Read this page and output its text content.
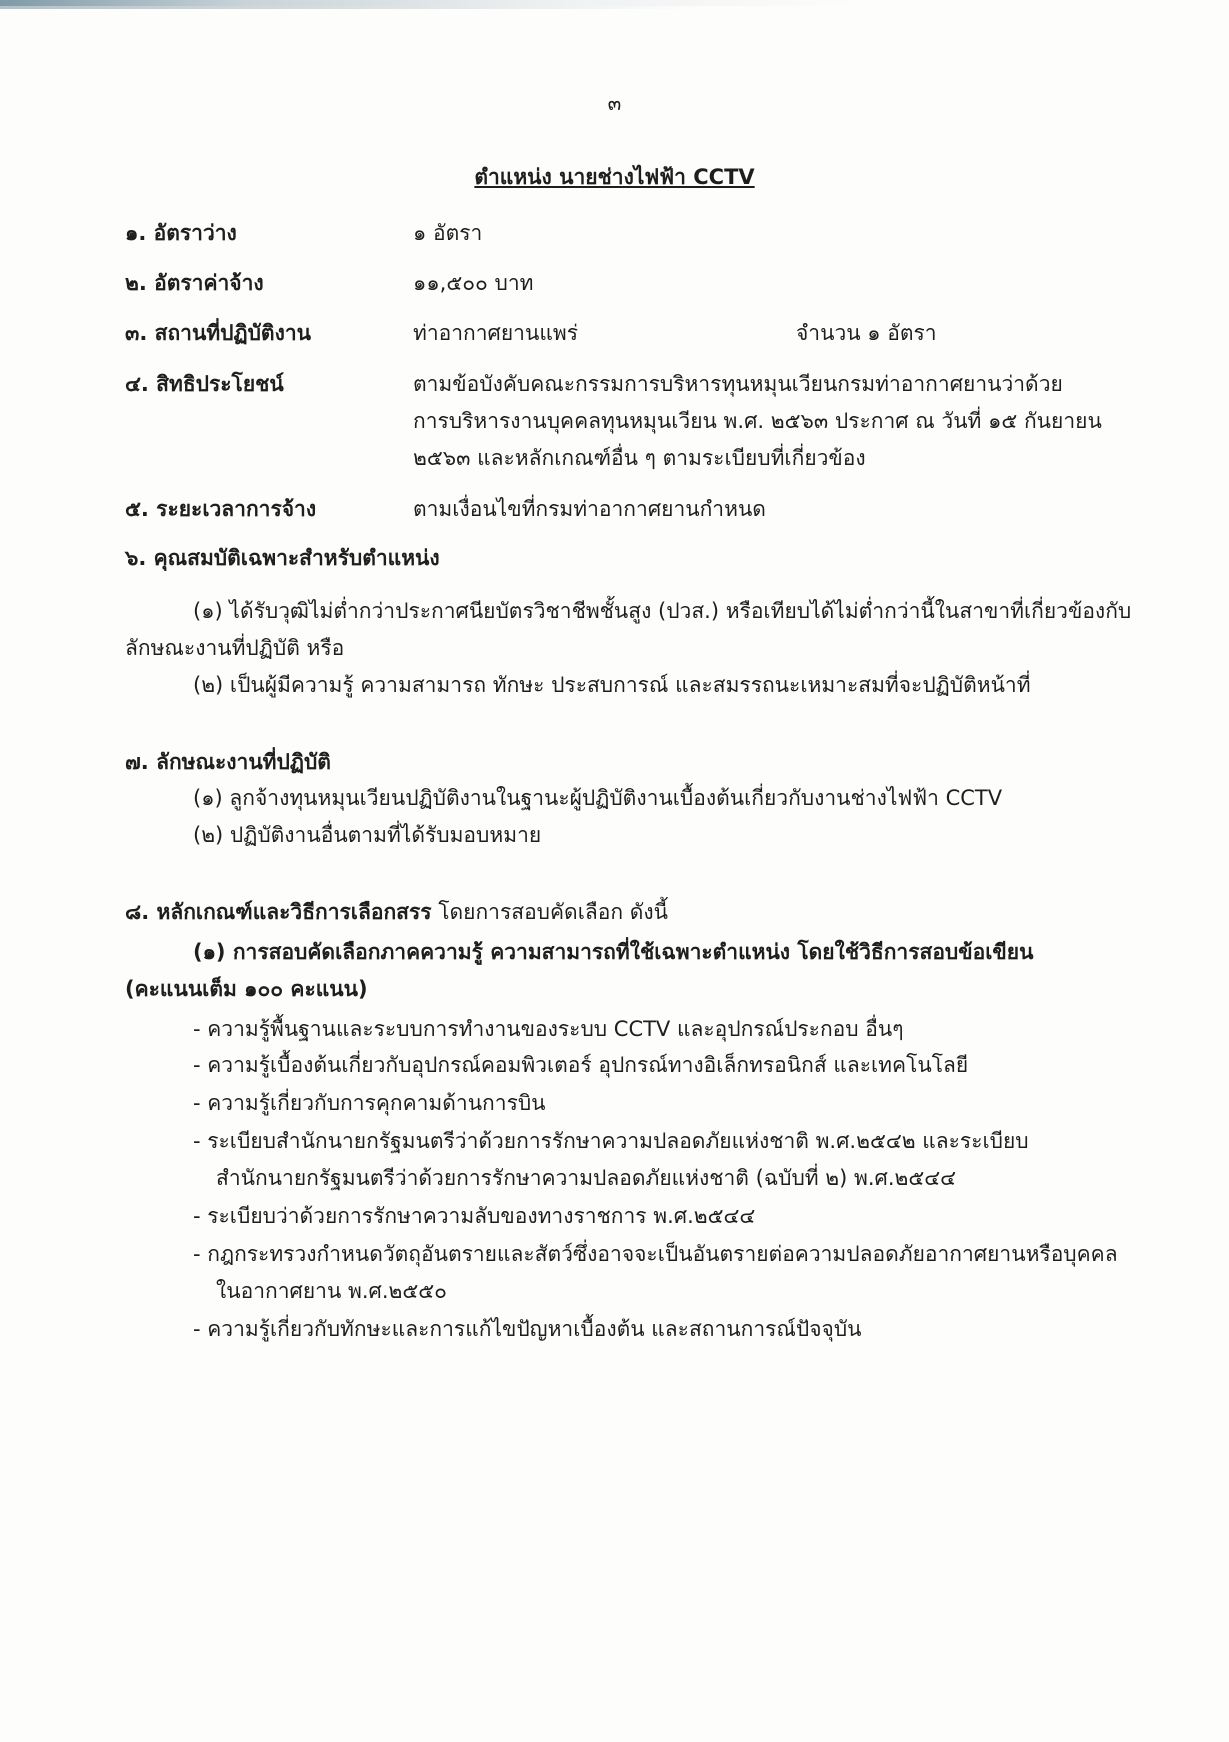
๓
ตำแหน่ง นายช่างไฟฟ้า CCTV
๑. อัตราว่าง	๑ อัตรา
๒. อัตราค่าจ้าง	๑๑,๕๐๐ บาท
๓. สถานที่ปฏิบัติงาน	ท่าอากาศยานแพร่	จำนวน ๑ อัตรา
๔. สิทธิประโยชน์	ตามข้อบังคับคณะกรรมการบริหารทุนหมุนเวียนกรมท่าอากาศยานว่าด้วย
การบริหารงานบุคคลทุนหมุนเวียน พ.ศ. ๒๕๖๓ ประกาศ ณ วันที่ ๑๕ กันยายน
๒๕๖๓ และหลักเกณฑ์อื่น ๆ ตามระเบียบที่เกี่ยวข้อง
๕. ระยะเวลาการจ้าง	ตามเงื่อนไขที่กรมท่าอากาศยานกำหนด
๖. คุณสมบัติเฉพาะสำหรับตำแหน่ง
(๑) ได้รับวุฒิไม่ต่ำกว่าประกาศนียบัตรวิชาชีพชั้นสูง (ปวส.) หรือเทียบได้ไม่ต่ำกว่านี้ในสาขาที่เกี่ยวข้องกับ
ลักษณะงานที่ปฏิบัติ หรือ
(๒) เป็นผู้มีความรู้ ความสามารถ ทักษะ ประสบการณ์ และสมรรถนะเหมาะสมที่จะปฏิบัติหน้าที่
๗. ลักษณะงานที่ปฏิบัติ
(๑) ลูกจ้างทุนหมุนเวียนปฏิบัติงานในฐานะผู้ปฏิบัติงานเบื้องต้นเกี่ยวกับงานช่างไฟฟ้า CCTV
(๒) ปฏิบัติงานอื่นตามที่ได้รับมอบหมาย
๘. หลักเกณฑ์และวิธีการเลือกสรร โดยการสอบคัดเลือก ดังนี้
(๑) การสอบคัดเลือกภาคความรู้ ความสามารถที่ใช้เฉพาะตำแหน่ง โดยใช้วิธีการสอบข้อเขียน
(คะแนนเต็ม ๑๐๐ คะแนน)
- ความรู้พื้นฐานและระบบการทำงานของระบบ CCTV และอุปกรณ์ประกอบ อื่นๆ
- ความรู้เบื้องต้นเกี่ยวกับอุปกรณ์คอมพิวเตอร์ อุปกรณ์ทางอิเล็กทรอนิกส์ และเทคโนโลยี
- ความรู้เกี่ยวกับการคุกคามด้านการบิน
- ระเบียบสำนักนายกรัฐมนตรีว่าด้วยการรักษาความปลอดภัยแห่งชาติ พ.ศ.๒๕๔๒ และระเบียบ
สำนักนายกรัฐมนตรีว่าด้วยการรักษาความปลอดภัยแห่งชาติ (ฉบับที่ ๒) พ.ศ.๒๕๔๔
- ระเบียบว่าด้วยการรักษาความลับของทางราชการ พ.ศ.๒๕๔๔
- กฎกระทรวงกำหนดวัตถุอันตรายและสัตว์ซึ่งอาจจะเป็นอันตรายต่อความปลอดภัยอากาศยานหรือบุคคล
ในอากาศยาน พ.ศ.๒๕๕๐
- ความรู้เกี่ยวกับทักษะและการแก้ไขปัญหาเบื้องต้น และสถานการณ์ปัจจุบัน
